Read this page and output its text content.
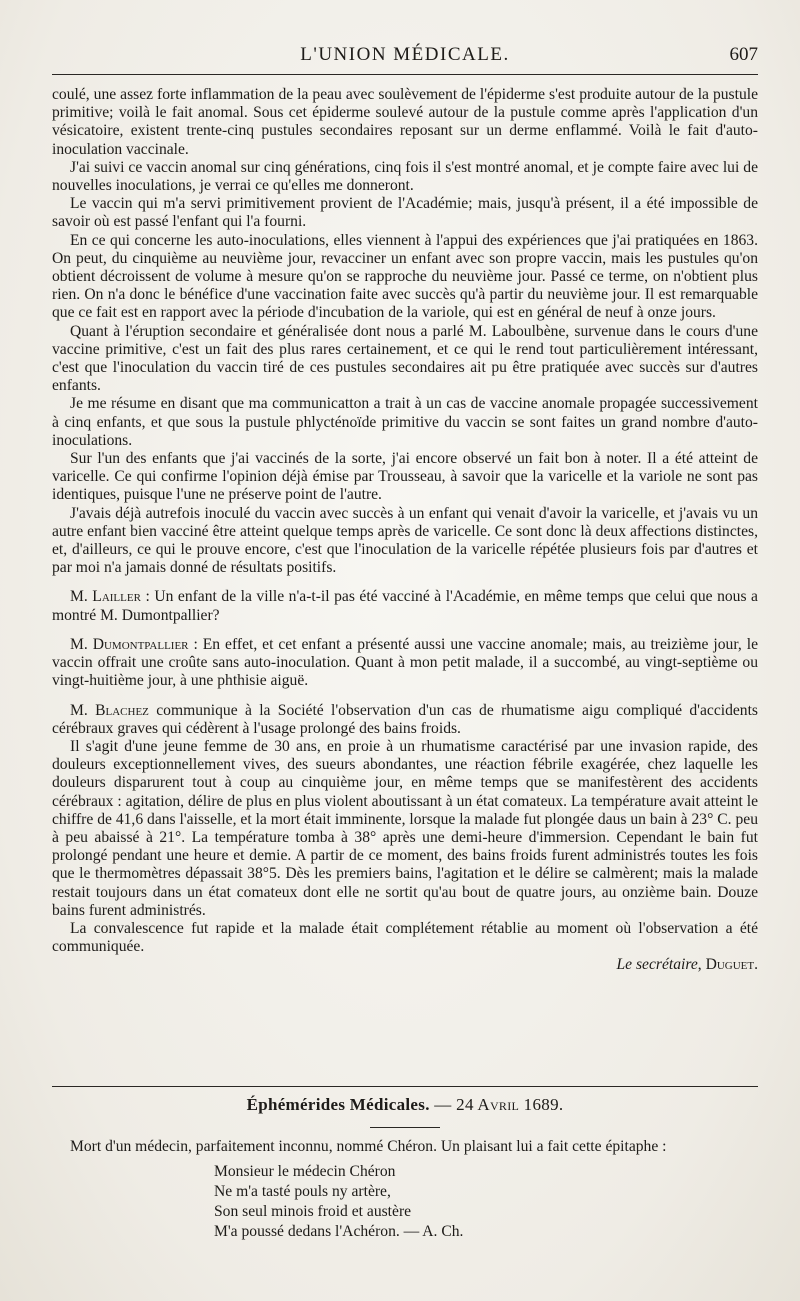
L'UNION MÉDICALE.	607

coulé, une assez forte inflammation de la peau avec soulèvement de l'épiderme s'est produite autour de la pustule primitive; voilà le fait anomal. Sous cet épiderme soulevé autour de la pustule comme après l'application d'un vésicatoire, existent trente-cinq pustules secondaires reposant sur un derme enflammé. Voilà le fait d'auto-inoculation vaccinale.

J'ai suivi ce vaccin anomal sur cinq générations, cinq fois il s'est montré anomal, et je compte faire avec lui de nouvelles inoculations, je verrai ce qu'elles me donneront.

Le vaccin qui m'a servi primitivement provient de l'Académie; mais, jusqu'à présent, il a été impossible de savoir où est passé l'enfant qui l'a fourni.

En ce qui concerne les auto-inoculations, elles viennent à l'appui des expériences que j'ai pratiquées en 1863. On peut, du cinquième au neuvième jour, revacciner un enfant avec son propre vaccin, mais les pustules qu'on obtient décroissent de volume à mesure qu'on se rapproche du neuvième jour. Passé ce terme, on n'obtient plus rien. On n'a donc le bénéfice d'une vaccination faite avec succès qu'à partir du neuvième jour. Il est remarquable que ce fait est en rapport avec la période d'incubation de la variole, qui est en général de neuf à onze jours.

Quant à l'éruption secondaire et généralisée dont nous a parlé M. Laboulbène, survenue dans le cours d'une vaccine primitive, c'est un fait des plus rares certainement, et ce qui le rend tout particulièrement intéressant, c'est que l'inoculation du vaccin tiré de ces pustules secondaires ait pu être pratiquée avec succès sur d'autres enfants.

Je me résume en disant que ma communicatton a trait à un cas de vaccine anomale propagée successivement à cinq enfants, et que sous la pustule phlycténoïde primitive du vaccin se sont faites un grand nombre d'auto-inoculations.

Sur l'un des enfants que j'ai vaccinés de la sorte, j'ai encore observé un fait bon à noter. Il a été atteint de varicelle. Ce qui confirme l'opinion déjà émise par Trousseau, à savoir que la varicelle et la variole ne sont pas identiques, puisque l'une ne préserve point de l'autre.

J'avais déjà autrefois inoculé du vaccin avec succès à un enfant qui venait d'avoir la varicelle, et j'avais vu un autre enfant bien vacciné être atteint quelque temps après de varicelle. Ce sont donc là deux affections distinctes, et, d'ailleurs, ce qui le prouve encore, c'est que l'inoculation de la varicelle répétée plusieurs fois par d'autres et par moi n'a jamais donné de résultats positifs.

M. Lailler : Un enfant de la ville n'a-t-il pas été vacciné à l'Académie, en même temps que celui que nous a montré M. Dumontpallier?

M. Dumontpallier : En effet, et cet enfant a présenté aussi une vaccine anomale; mais, au treizième jour, le vaccin offrait une croûte sans auto-inoculation. Quant à mon petit malade, il a succombé, au vingt-septième ou vingt-huitième jour, à une phthisie aiguë.

M. Blachez communique à la Société l'observation d'un cas de rhumatisme aigu compliqué d'accidents cérébraux graves qui cédèrent à l'usage prolongé des bains froids.

Il s'agit d'une jeune femme de 30 ans, en proie à un rhumatisme caractérisé par une invasion rapide, des douleurs exceptionnellement vives, des sueurs abondantes, une réaction fébrile exagérée, chez laquelle les douleurs disparurent tout à coup au cinquième jour, en même temps que se manifestèrent des accidents cérébraux : agitation, délire de plus en plus violent aboutissant à un état comateux. La température avait atteint le chiffre de 41,6 dans l'aisselle, et la mort était imminente, lorsque la malade fut plongée daus un bain à 23° C. peu à peu abaissé à 21°. La température tomba à 38° après une demi-heure d'immersion. Cependant le bain fut prolongé pendant une heure et demie. A partir de ce moment, des bains froids furent administrés toutes les fois que le thermomètres dépassait 38°5. Dès les premiers bains, l'agitation et le délire se calmèrent; mais la malade restait toujours dans un état comateux dont elle ne sortit qu'au bout de quatre jours, au onzième bain. Douze bains furent administrés.

La convalescence fut rapide et la malade était complétement rétablie au moment où l'observation a été communiquée.

Le secrétaire, Duguet.
Éphémérides Médicales. — 24 Avril 1689.

Mort d'un médecin, parfaitement inconnu, nommé Chéron. Un plaisant lui a fait cette épitaphe :

Monsieur le médecin Chéron
Ne m'a tasté pouls ny artère,
Son seul minois froid et austère
M'a poussé dedans l'Achéron. — A. Ch.
